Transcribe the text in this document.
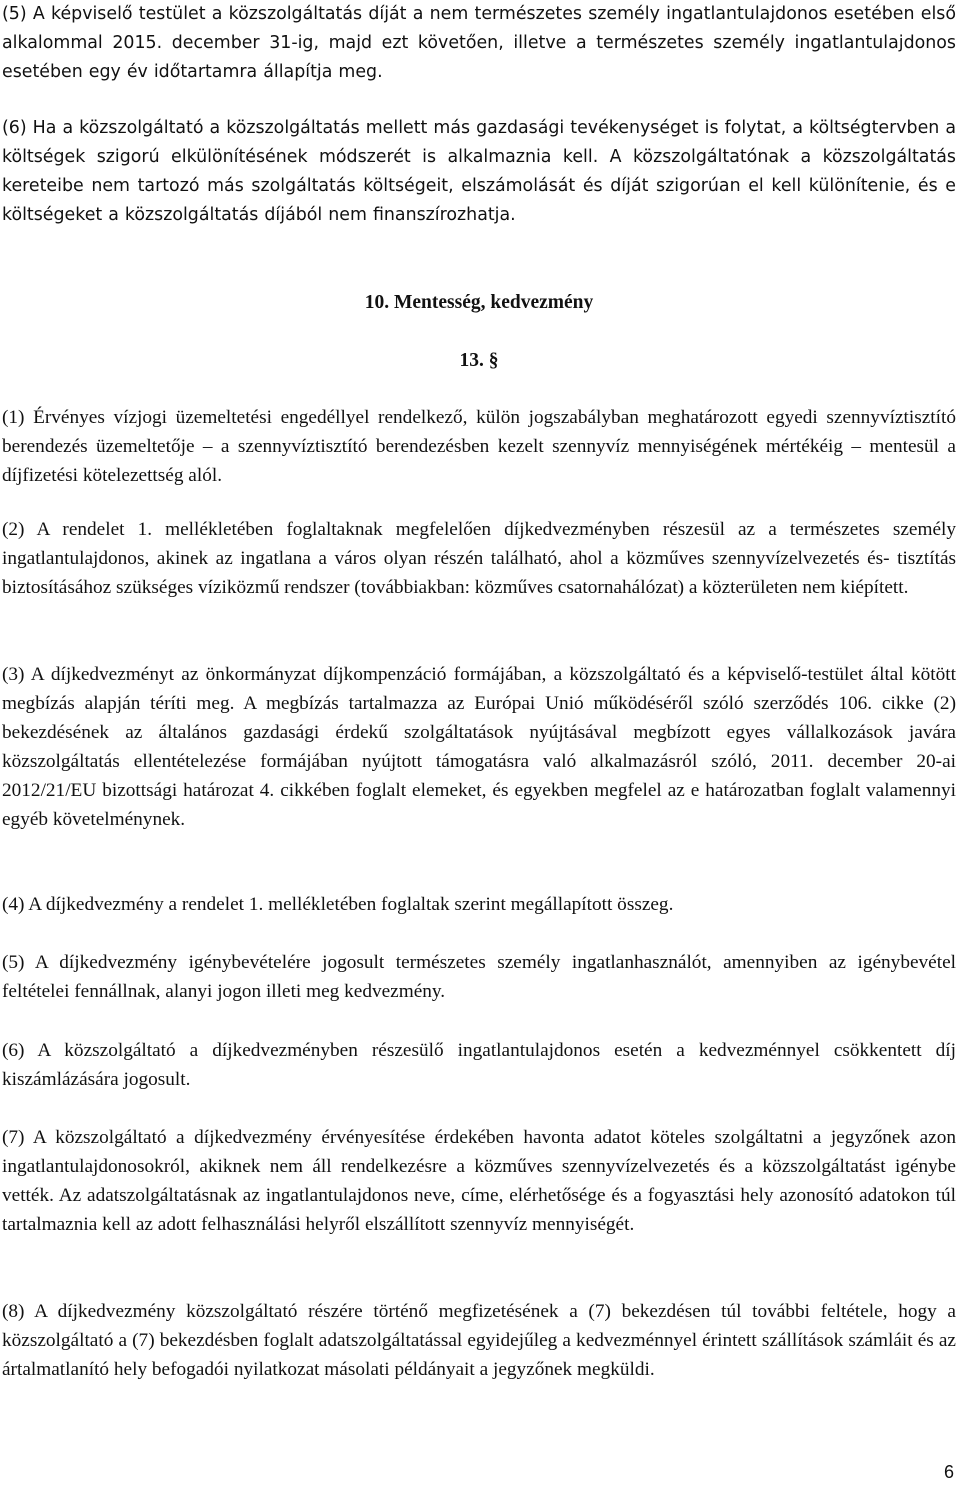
(5) A képviselő testület a közszolgáltatás díját a nem természetes személy ingatlantulajdonos esetében első alkalommal 2015. december 31-ig, majd ezt követően, illetve a természetes személy ingatlantulajdonos esetében egy év időtartamra állapítja meg.

(6) Ha a közszolgáltató a közszolgáltatás mellett más gazdasági tevékenységet is folytat, a költségtervben a költségek szigorú elkülönítésének módszerét is alkalmaznia kell. A közszolgáltatónak a közszolgáltatás kereteibe nem tartozó más szolgáltatás költségeit, elszámolását és díját szigorúan el kell különítenie, és e költségeket a közszolgáltatás díjából nem finanszírozhatja.

10. Mentesség, kedvezmény
13. §

(1) Érvényes vízjogi üzemeltetési engedéllyel rendelkező, külön jogszabályban meghatározott egyedi szennyvíztisztító berendezés üzemeltetője – a szennyvíztisztító berendezésben kezelt szennyvíz mennyiségének mértékéig – mentesül a díjfizetési kötelezettség alól.

(2) A rendelet 1. mellékletében foglaltaknak megfelelően díjkedvezményben részesül az a természetes személy ingatlantulajdonos, akinek az ingatlana a város olyan részén található, ahol a közműves szennyvízelvezetés és- tisztítás biztosításához szükséges víziközmű rendszer (továbbiakban: közműves csatornahálózat) a közterületen nem kiépített.

(3) A díjkedvezményt az önkormányzat díjkompenzáció formájában, a közszolgáltató és a képviselő-testület által kötött megbízás alapján téríti meg. A megbízás tartalmazza az Európai Unió működéséről szóló szerződés 106. cikke (2) bekezdésének az általános gazdasági érdekű szolgáltatások nyújtásával megbízott egyes vállalkozások javára közszolgáltatás ellentételezése formájában nyújtott támogatásra való alkalmazásról szóló, 2011. december 20-ai 2012/21/EU bizottsági határozat 4. cikkében foglalt elemeket, és egyekben megfelel az e határozatban foglalt valamennyi egyéb követelménynek.

(4) A díjkedvezmény a rendelet 1. mellékletében foglaltak szerint megállapított összeg.

(5) A díjkedvezmény igénybevételére jogosult természetes személy ingatlanhasználót, amennyiben az igénybevétel feltételei fennállnak, alanyi jogon illeti meg kedvezmény.

(6) A közszolgáltató a díjkedvezményben részesülő ingatlantulajdonos esetén a kedvezménnyel csökkentett díj kiszámlázására jogosult.

(7) A közszolgáltató a díjkedvezmény érvényesítése érdekében havonta adatot köteles szolgáltatni a jegyzőnek azon ingatlantulajdonosokról, akiknek nem áll rendelkezésre a közműves szennyvízelvezetés és a közszolgáltatást igénybe vették. Az adatszolgáltatásnak az ingatlantulajdonos neve, címe, elérhetősége és a fogyasztási hely azonosító adatokon túl tartalmaznia kell az adott felhasználási helyről elszállított szennyvíz mennyiségét.

(8) A díjkedvezmény közszolgáltató részére történő megfizetésének a (7) bekezdésen túl további feltétele, hogy a közszolgáltató a (7) bekezdésben foglalt adatszolgáltatással egyidejűleg a kedvezménnyel érintett szállítások számláit és az ártalmatlanító hely befogadói nyilatkozat másolati példányait a jegyzőnek megküldi.

6
